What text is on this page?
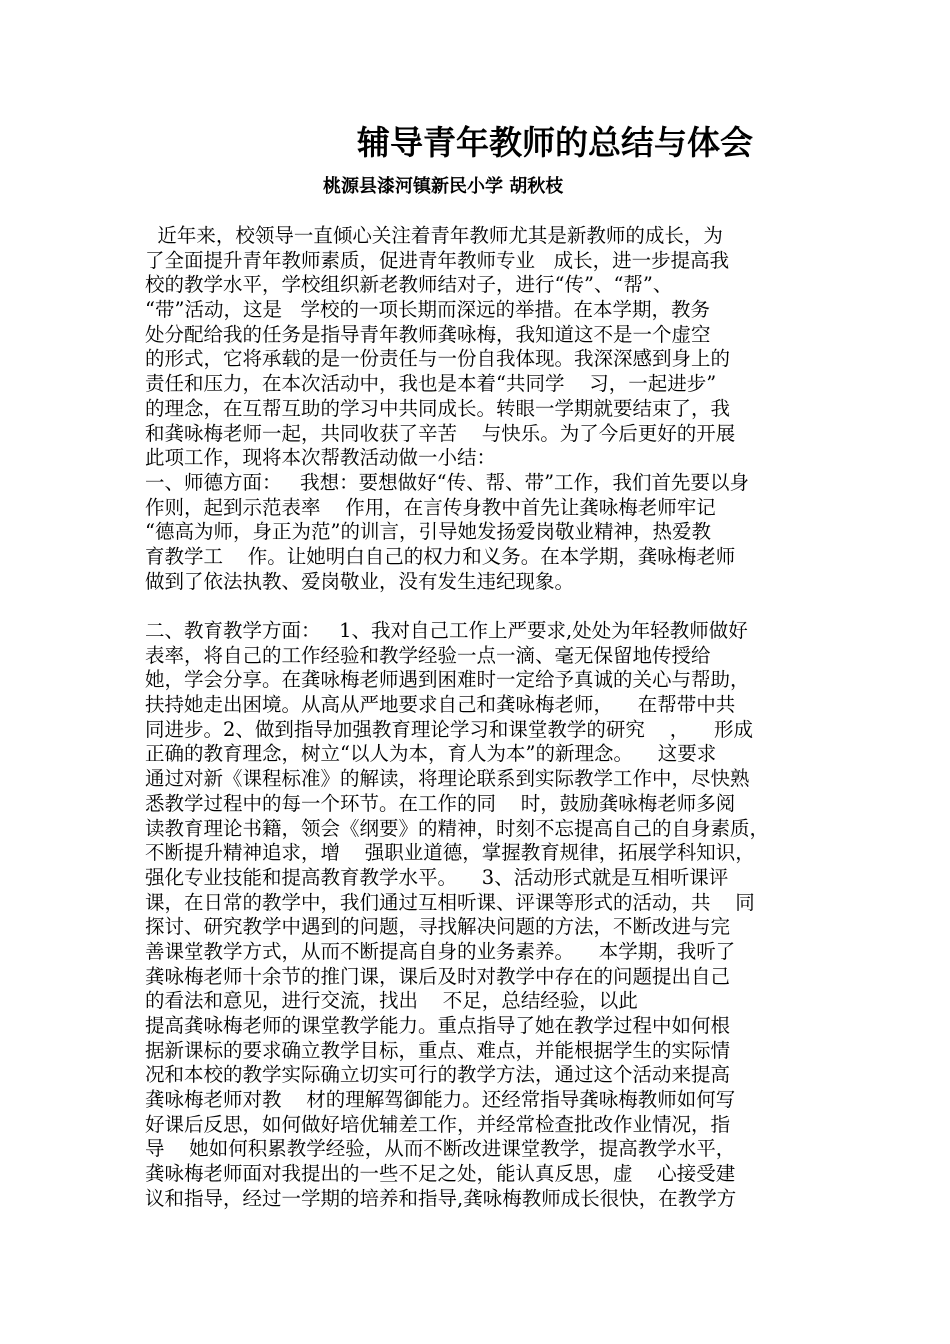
辅导青年教师的总结与体会
桃源县漆河镇新民小学 胡秋枝
近年来，校领导一直倾心关注着青年教师尤其是新教师的成长，为
了全面提升青年教师素质，促进青年教师专业   成长，进一步提高我
校的教学水平，学校组织新老教师结对子，进行“传”、“帮”、
“带”活动，这是   学校的一项长期而深远的举措。在本学期，教务
处分配给我的任务是指导青年教师龚咏梅，我知道这不是一个虚空
的形式，它将承载的是一份责任与一份自我体现。我深深感到身上的
责任和压力，在本次活动中，我也是本着“共同学    习，一起进步”
的理念，在互帮互助的学习中共同成长。转眼一学期就要结束了，我
和龚咏梅老师一起，共同收获了辛苦    与快乐。为了今后更好的开展
此项工作，现将本次帮教活动做一小结：
一、师德方面：   我想：要想做好“传、帮、带”工作，我们首先要以身
作则，起到示范表率    作用，在言传身教中首先让龚咏梅老师牢记
“德高为师，身正为范”的训言，引导她发扬爱岗敬业精神，热爱教
育教学工    作。让她明白自己的权力和义务。在本学期，龚咏梅老师
做到了依法执教、爱岗敬业，没有发生违纪现象。
二、教育教学方面：   1、我对自己工作上严要求,处处为年轻教师做好
表率，将自己的工作经验和教学经验一点一滴、毫无保留地传授给
她，学会分享。在龚咏梅老师遇到困难时一定给予真诚的关心与帮助，
扶持她走出困境。从高从严地要求自己和龚咏梅老师，    在帮带中共
同进步。2、做到指导加强教育理论学习和课堂教学的研究    ，    形成
正确的教育理念，树立“以人为本，育人为本”的新理念。    这要求
通过对新《课程标准》的解读，将理论联系到实际教学工作中，尽快熟
悉教学过程中的每一个环节。在工作的同    时，鼓励龚咏梅老师多阅
读教育理论书籍，领会《纲要》的精神，时刻不忘提高自己的自身素质，
不断提升精神追求，增    强职业道德，掌握教育规律，拓展学科知识，
强化专业技能和提高教育教学水平。    3、活动形式就是互相听课评
课，在日常的教学中，我们通过互相听课、评课等形式的活动，共    同
探讨、研究教学中遇到的问题，寻找解决问题的方法，不断改进与完
善课堂教学方式，从而不断提高自身的业务素养。    本学期，我听了
龚咏梅老师十余节的推门课，课后及时对教学中存在的问题提出自己
的看法和意见，进行交流，找出    不足，总结经验，以此
提高龚咏梅老师的课堂教学能力。重点指导了她在教学过程中如何根
据新课标的要求确立教学目标，重点、难点，并能根据学生的实际情
况和本校的教学实际确立切实可行的教学方法，通过这个活动来提高
龚咏梅老师对教    材的理解驾御能力。还经常指导龚咏梅教师如何写
好课后反思，如何做好培优辅差工作，并经常检查批改作业情况，指
导    她如何积累教学经验，从而不断改进课堂教学，提高教学水平，
龚咏梅老师面对我提出的一些不足之处，能认真反思，虚    心接受建
议和指导，经过一学期的培养和指导,龚咏梅教师成长很快，在教学方
